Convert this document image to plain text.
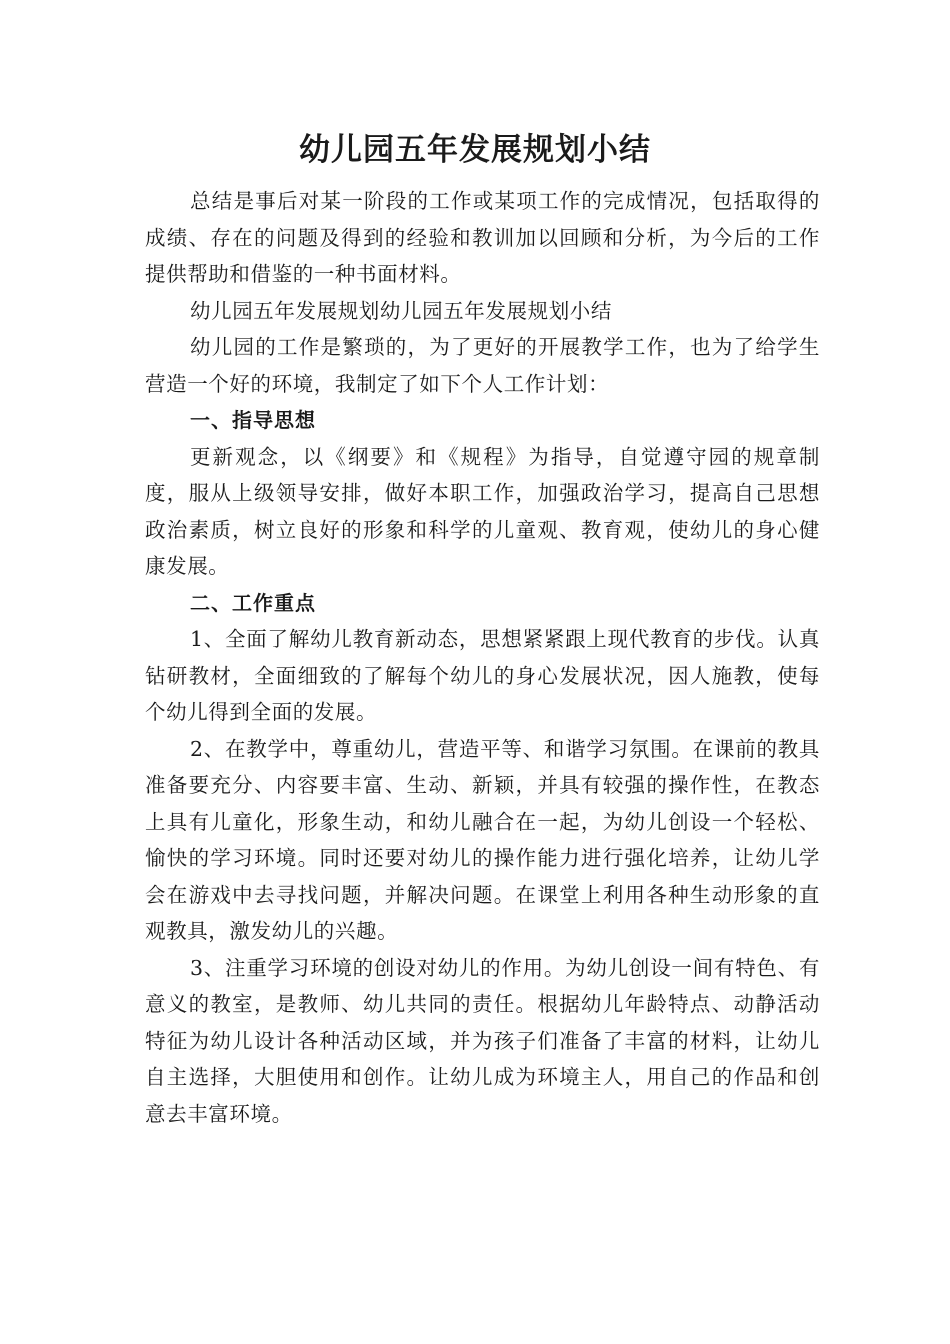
幼儿园五年发展规划小结

总结是事后对某一阶段的工作或某项工作的完成情况，包括取得的成绩、存在的问题及得到的经验和教训加以回顾和分析，为今后的工作提供帮助和借鉴的一种书面材料。

幼儿园五年发展规划幼儿园五年发展规划小结

幼儿园的工作是繁琐的，为了更好的开展教学工作，也为了给学生营造一个好的环境，我制定了如下个人工作计划：

一、指导思想

更新观念，以《纲要》和《规程》为指导，自觉遵守园的规章制度，服从上级领导安排，做好本职工作，加强政治学习，提高自己思想政治素质，树立良好的形象和科学的儿童观、教育观，使幼儿的身心健康发展。

二、工作重点

1、全面了解幼儿教育新动态，思想紧紧跟上现代教育的步伐。认真钻研教材，全面细致的了解每个幼儿的身心发展状况，因人施教，使每个幼儿得到全面的发展。

2、在教学中，尊重幼儿，营造平等、和谐学习氛围。在课前的教具准备要充分、内容要丰富、生动、新颖，并具有较强的操作性，在教态上具有儿童化，形象生动，和幼儿融合在一起，为幼儿创设一个轻松、愉快的学习环境。同时还要对幼儿的操作能力进行强化培养，让幼儿学会在游戏中去寻找问题，并解决问题。在课堂上利用各种生动形象的直观教具，激发幼儿的兴趣。

3、注重学习环境的创设对幼儿的作用。为幼儿创设一间有特色、有意义的教室，是教师、幼儿共同的责任。根据幼儿年龄特点、动静活动特征为幼儿设计各种活动区域，并为孩子们准备了丰富的材料，让幼儿自主选择，大胆使用和创作。让幼儿成为环境主人，用自己的作品和创意去丰富环境。
